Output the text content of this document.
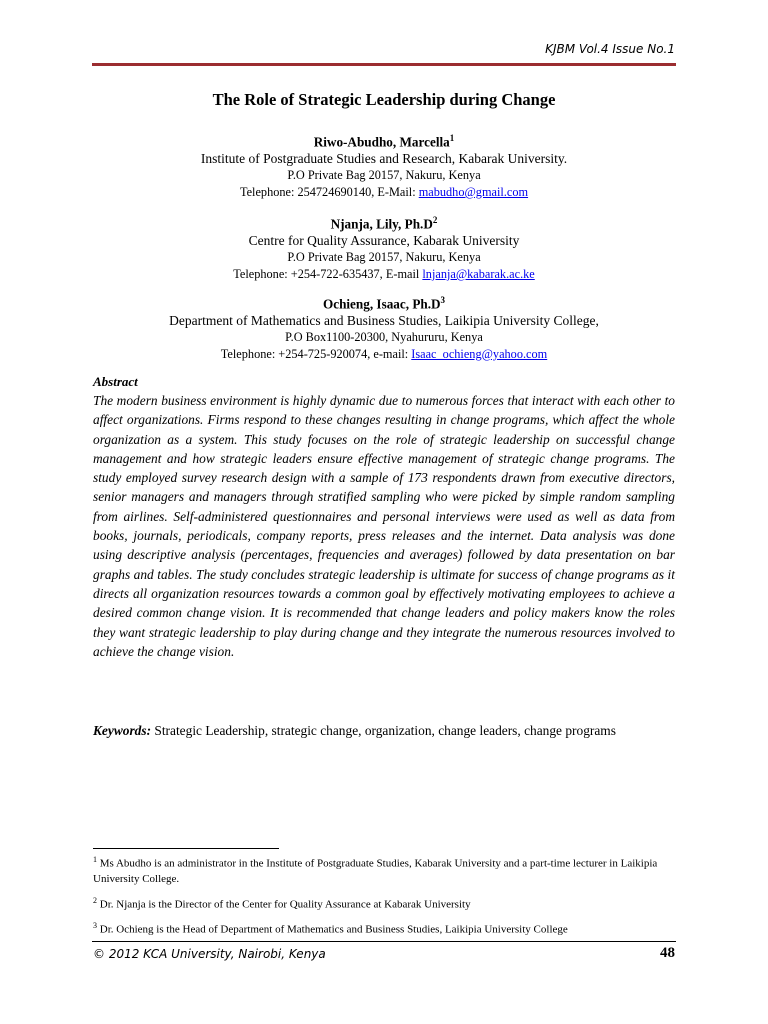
KJBM Vol.4 Issue No.1
The Role of Strategic Leadership during Change
Riwo-Abudho, Marcella$^1$
Institute of Postgraduate Studies and Research, Kabarak University.
P.O Private Bag 20157, Nakuru, Kenya
Telephone: 254724690140, E-Mail: mabudho@gmail.com
Njanja, Lily, $Ph.D^2$
Centre for Quality Assurance, Kabarak University
P.O Private Bag 20157, Nakuru, Kenya
Telephone: +254-722-635437, E-mail lnjanja@kabarak.ac.ke
Ochieng, Isaac, $Ph.D^3$
Department of Mathematics and Business Studies, Laikipia University College,
P.O Box1100-20300, Nyahururu, Kenya
Telephone: +254-725-920074, e-mail: Isaac_ochieng@yahoo.com
Abstract
The modern business environment is highly dynamic due to numerous forces that interact with each other to affect organizations. Firms respond to these changes resulting in change programs, which affect the whole organization as a system. This study focuses on the role of strategic leadership on successful change management and how strategic leaders ensure effective management of strategic change programs. The study employed survey research design with a sample of 173 respondents drawn from executive directors, senior managers and managers through stratified sampling who were picked by simple random sampling from airlines. Self-administered questionnaires and personal interviews were used as well as data from books, journals, periodicals, company reports, press releases and the internet. Data analysis was done using descriptive analysis (percentages, frequencies and averages) followed by data presentation on bar graphs and tables. The study concludes strategic leadership is ultimate for success of change programs as it directs all organization resources towards a common goal by effectively motivating employees to achieve a desired common change vision. It is recommended that change leaders and policy makers know the roles they want strategic leadership to play during change and they integrate the numerous resources involved to achieve the change vision.
Keywords: Strategic Leadership, strategic change, organization, change leaders, change programs
$^1$ Ms Abudho is an administrator in the Institute of Postgraduate Studies, Kabarak University and a part-time lecturer in Laikipia University College.
$^2$ Dr. Njanja is the Director of the Center for Quality Assurance at Kabarak University
$^3$ Dr. Ochieng is the Head of Department of Mathematics and Business Studies, Laikipia University College
© 2012 KCA University, Nairobi, Kenya	48
